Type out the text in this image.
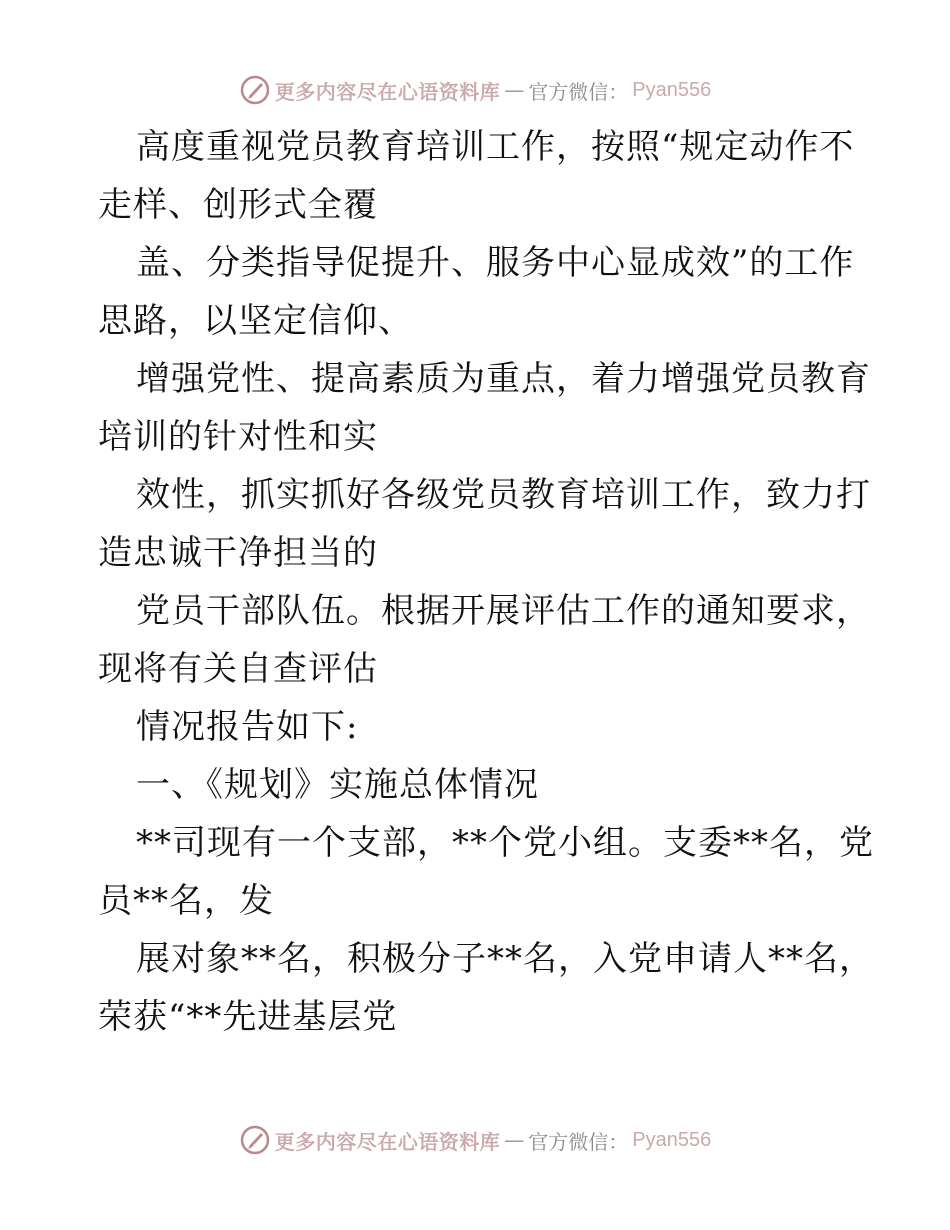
更多内容尽在心语资料库 — 官方微信： Pyan556
高度重视党员教育培训工作，按照“规定动作不
走样、创形式全覆
盖、分类指导促提升、服务中心显成效”的工作
思路，以坚定信仰、
增强党性、提高素质为重点，着力增强党员教育
培训的针对性和实
效性，抓实抓好各级党员教育培训工作，致力打
造忠诚干净担当的
党员干部队伍。根据开展评估工作的通知要求，
现将有关自查评估
情况报告如下:
一、《规划》实施总体情况
**司现有一个支部，**个党小组。支委**名，党
员**名，发
展对象**名，积极分子**名，入党申请人**名，
荣获“**先进基层党
更多内容尽在心语资料库 — 官方微信： Pyan556
